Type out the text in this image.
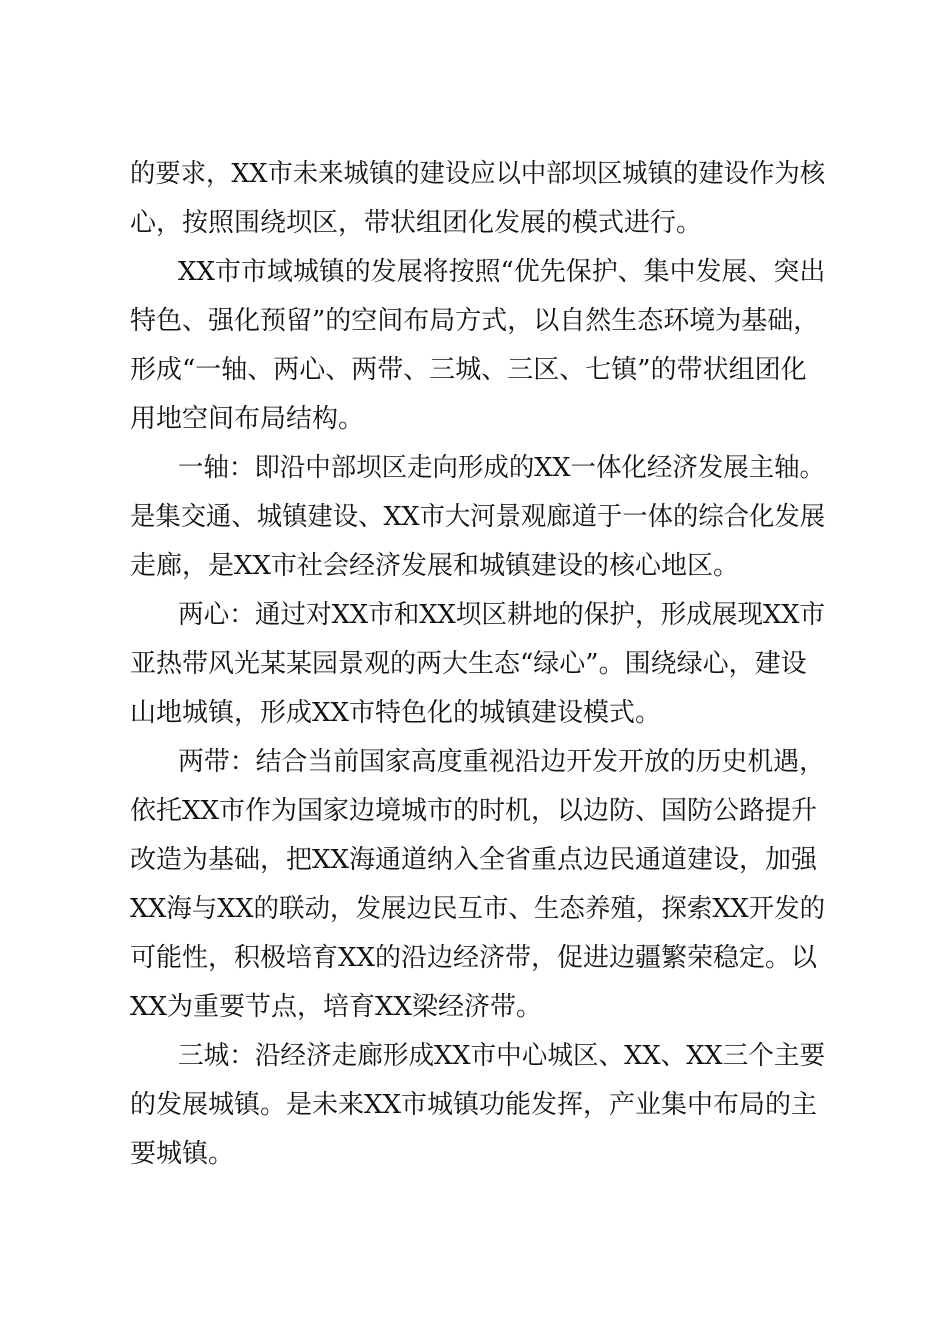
的要求，XX市未来城镇的建设应以中部坝区城镇的建设作为核
心，按照围绕坝区，带状组团化发展的模式进行。
XX市市域城镇的发展将按照“优先保护、集中发展、突出
特色、强化预留”的空间布局方式，以自然生态环境为基础，
形成“一轴、两心、两带、三城、三区、七镇”的带状组团化
用地空间布局结构。
一轴：即沿中部坝区走向形成的XX一体化经济发展主轴。
是集交通、城镇建设、XX市大河景观廊道于一体的综合化发展
走廊，是XX市社会经济发展和城镇建设的核心地区。
两心：通过对XX市和XX坝区耕地的保护，形成展现XX市
亚热带风光某某园景观的两大生态“绿心”。围绕绿心，建设
山地城镇，形成XX市特色化的城镇建设模式。
两带：结合当前国家高度重视沿边开发开放的历史机遇，
依托XX市作为国家边境城市的时机，以边防、国防公路提升
改造为基础，把XX海通道纳入全省重点边民通道建设，加强
XX海与XX的联动，发展边民互市、生态养殖，探索XX开发的
可能性，积极培育XX的沿边经济带，促进边疆繁荣稳定。以
XX为重要节点，培育XX梁经济带。
三城：沿经济走廊形成XX市中心城区、XX、XX三个主要
的发展城镇。是未来XX市城镇功能发挥，产业集中布局的主
要城镇。
